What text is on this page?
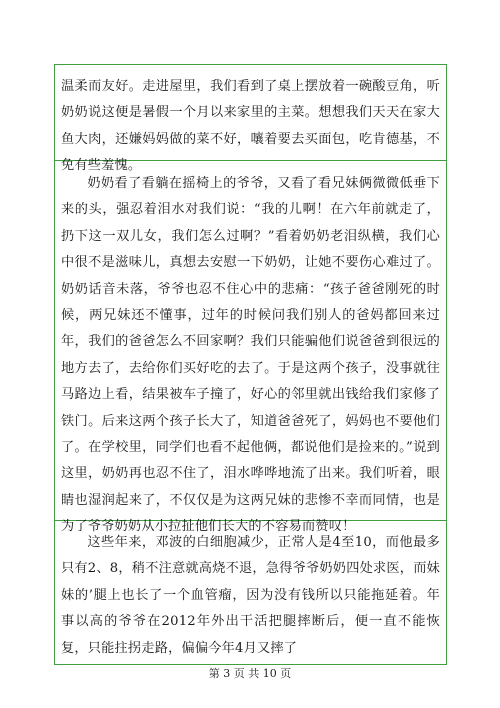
温柔而友好。走进屋里，我们看到了桌上摆放着一碗酸豆角，听奶奶说这便是暑假一个月以来家里的主菜。想想我们天天在家大鱼大肉，还嫌妈妈做的菜不好，嚷着要去买面包，吃肯德基，不免有些羞愧。
奶奶看了看躺在摇椅上的爷爷，又看了看兄妹俩微微低垂下来的头，强忍着泪水对我们说：“我的儿啊！在六年前就走了，扔下这一双儿女，我们怎么过啊？”看着奶奶老泪纵横，我们心中很不是滋味儿，真想去安慰一下奶奶，让她不要伤心难过了。奶奶话音未落，爷爷也忍不住心中的悲痛：“孩子爸爸刚死的时候，两兄妹还不懂事，过年的时候问我们别人的爸妈都回来过年，我们的爸爸怎么不回家啊？我们只能骗他们说爸爸到很远的地方去了，去给你们买好吃的去了。于是这两个孩子，没事就往马路边上看，结果被车子撞了，好心的邻里就出钱给我们家修了铁门。后来这两个孩子长大了，知道爸爸死了，妈妈也不要他们了。在学校里，同学们也看不起他俩，都说他们是捡来的。”说到这里，奶奶再也忍不住了，泪水哗哗地流了出来。我们听着，眼睛也湿润起来了，不仅仅是为这两兄妹的悲惨不幸而同情，也是为了爷爷奶奶从小拉扯他们长大的不容易而赞叹！
这些年来，邓波的白细胞减少，正常人是4至10，而他最多只有2、8，稍不注意就高烧不退，急得爷爷奶奶四处求医，而妹妹的’腿上也长了一个血管瘤，因为没有钱所以只能拖延着。年事以高的爷爷在2012年外出干活把腿摔断后，便一直不能恢复，只能拄拐走路，偏偏今年4月又摔了
第 3 页 共 10 页
